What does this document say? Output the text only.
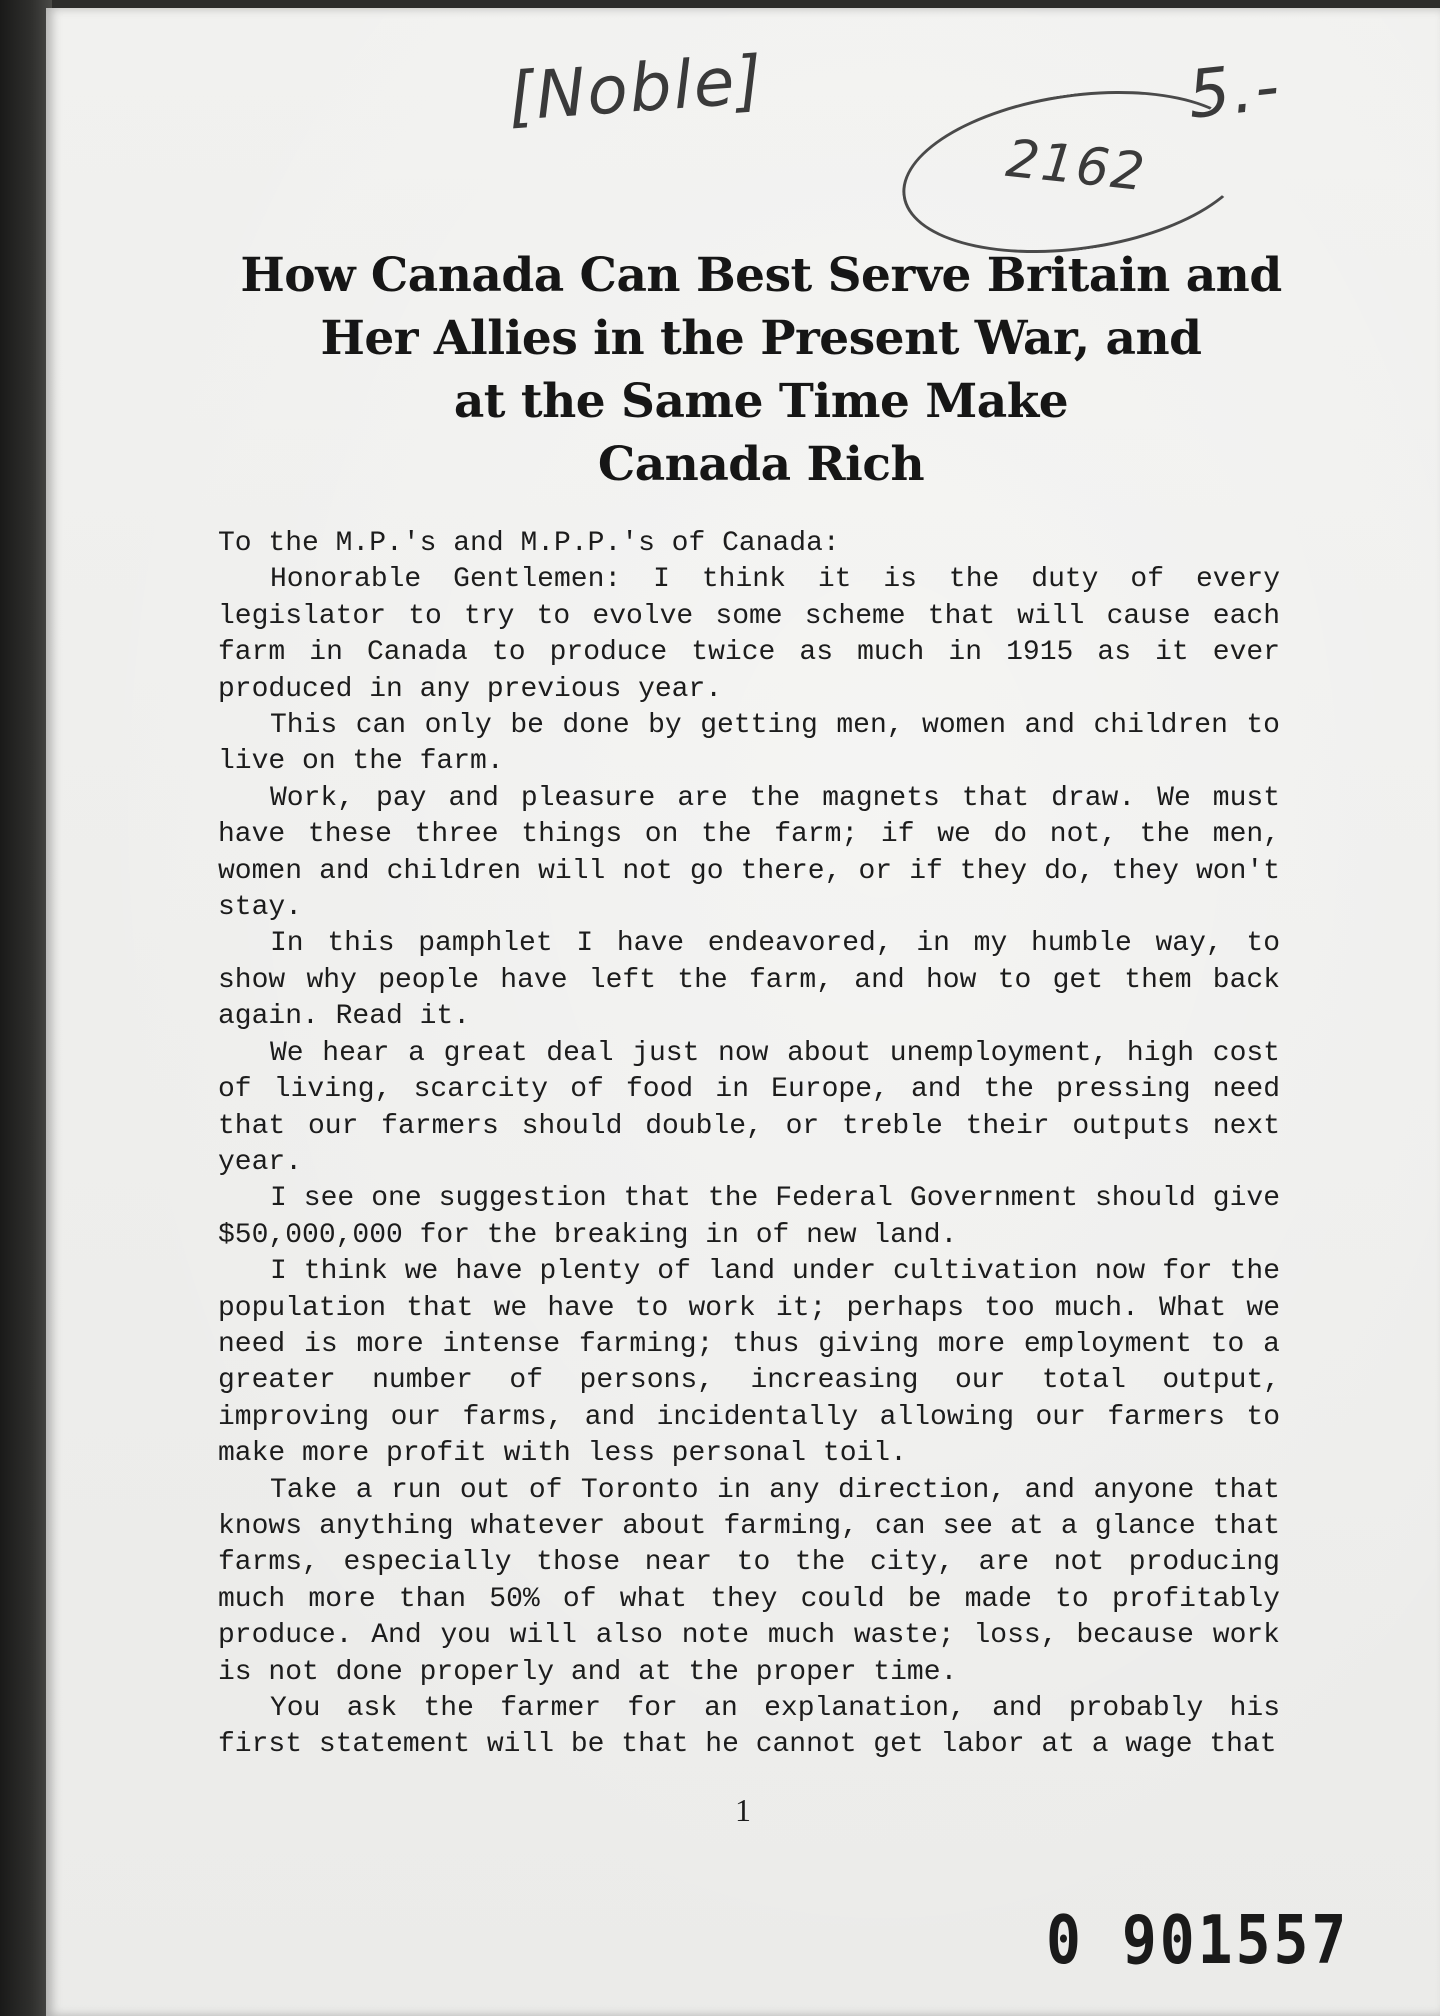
[Noble]
2162
5.-
How Canada Can Best Serve Britain and
Her Allies in the Present War, and
at the Same Time Make
Canada Rich

To the M.P.'s and M.P.P.'s of Canada:

Honorable Gentlemen: I think it is the duty of every legislator to try to evolve some scheme that will cause each farm in Canada to produce twice as much in 1915 as it ever produced in any previous year.

This can only be done by getting men, women and children to live on the farm.

Work, pay and pleasure are the magnets that draw. We must have these three things on the farm; if we do not, the men, women and children will not go there, or if they do, they won't stay.

In this pamphlet I have endeavored, in my humble way, to show why people have left the farm, and how to get them back again. Read it.

We hear a great deal just now about unemployment, high cost of living, scarcity of food in Europe, and the pressing need that our farmers should double, or treble their outputs next year.

I see one suggestion that the Federal Government should give $50,000,000 for the breaking in of new land.

I think we have plenty of land under cultivation now for the population that we have to work it; perhaps too much. What we need is more intense farming; thus giving more employment to a greater number of persons, increasing our total output, improving our farms, and incidentally allowing our farmers to make more profit with less personal toil.

Take a run out of Toronto in any direction, and anyone that knows anything whatever about farming, can see at a glance that farms, especially those near to the city, are not producing much more than 50% of what they could be made to profitably produce. And you will also note much waste; loss, because work is not done properly and at the proper time.

You ask the farmer for an explanation, and probably his first statement will be that he cannot get labor at a wage that

1
0 901557
